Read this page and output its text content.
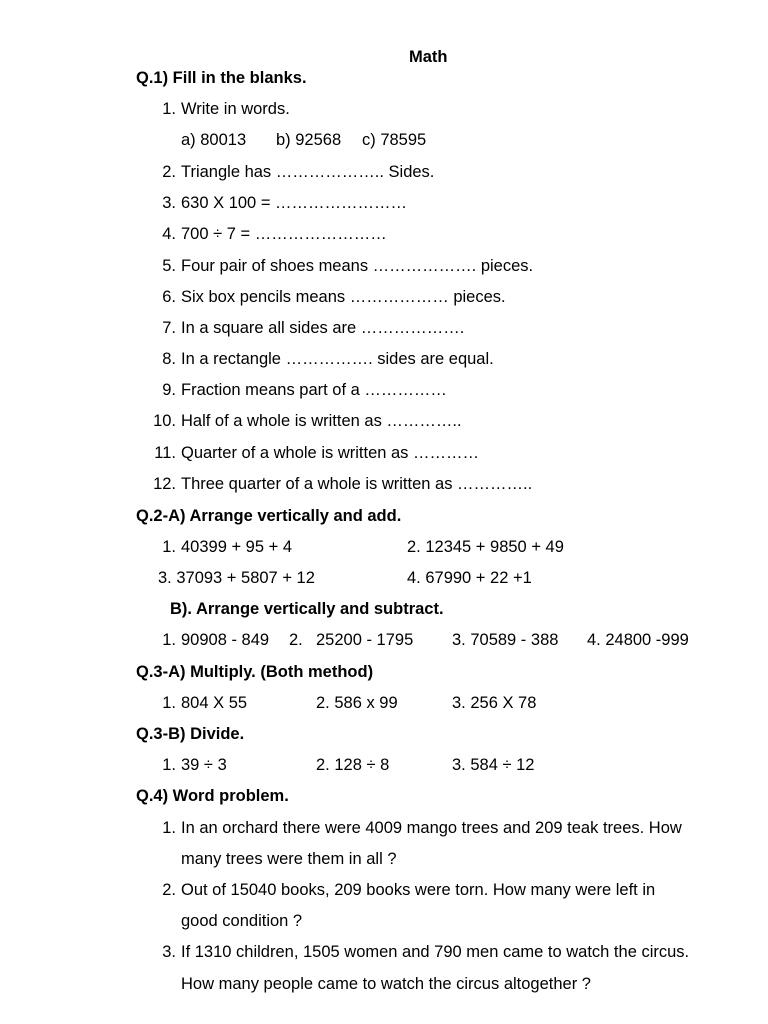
Math
Q.1) Fill in the blanks.
1. Write in words.
2. Triangle has ……………….. Sides.
3. 630 X 100 = ……………………
4. 700 ÷ 7 = ……………………
5. Four pair of shoes means ………………. pieces.
6. Six box pencils means ……………… pieces.
7. In a square all sides are ……………….
8. In a rectangle ……………. sides are equal.
9. Fraction means part of a ……………
10. Half of a whole is written as …………..
11. Quarter of a whole is written as …………
12. Three quarter of a whole is written as …………..
a) 80013 b) 92568 c) 78595
Q.2-A) Arrange vertically and add.
1. 40399 + 95 + 4	2. 12345 + 9850 + 49
3. 37093 + 5807 + 12	4. 67990 + 22 +1
B). Arrange vertically and subtract.
1. 90908 - 849 2. 25200 - 1795 3. 70589 - 388 4. 24800 -999
Q.3-A) Multiply. (Both method)
1. 804 X 55	2. 586 x 99	3. 256 X 78
Q.3-B) Divide.
1. 39 ÷ 3	2. 128 ÷ 8	3. 584 ÷ 12
Q.4) Word problem.
1. In an orchard there were 4009 mango trees and 209 teak trees. How
many trees were them in all ?
2. Out of 15040 books, 209 books were torn. How many were left in
good condition ?
3. If 1310 children, 1505 women and 790 men came to watch the circus.
How many people came to watch the circus altogether ?
